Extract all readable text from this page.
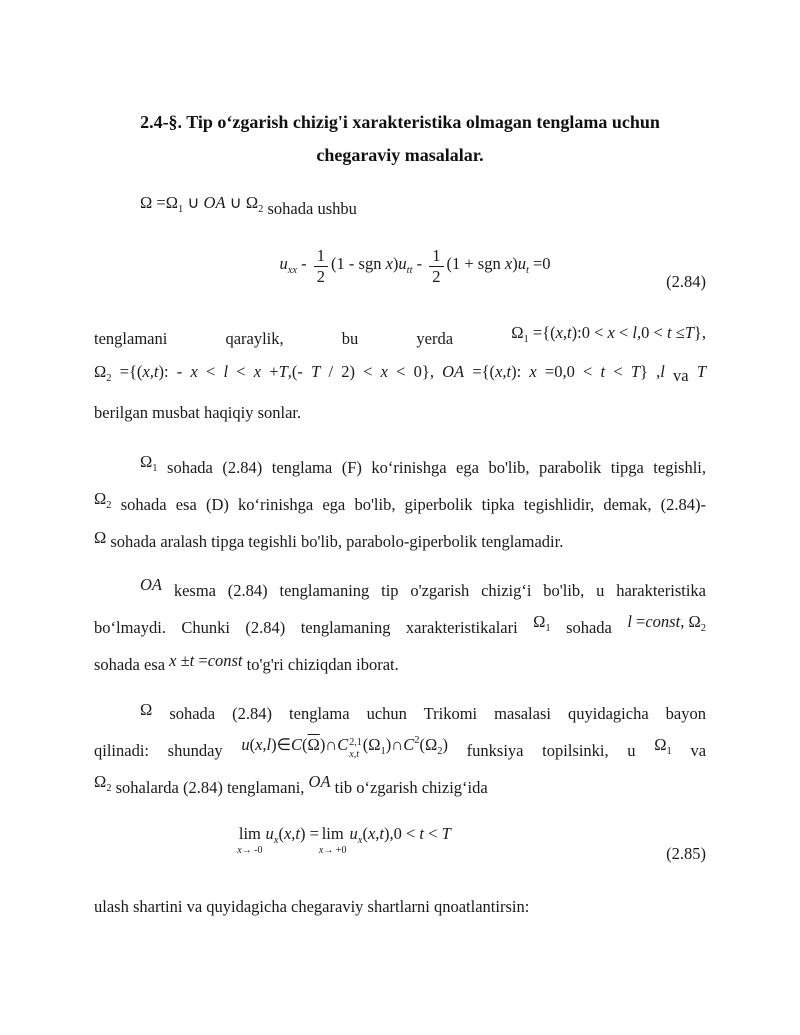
2.4-§. Tip o‘zgarish chizig'i xarakteristika olmagan tenglama uchun
chegaraviy masalalar.

$\Omega =\Omega_1$ ∪ OA ∪ $\Omega_2$ sohada ushbu

$u_{xx} - \frac{1}{2} (1$ - sgn $x)u_{tt} - \frac{1}{2} (1$ + sgn $x)u_t =0$
(2.84)
tenglamani	qaraylik,	bu	yerda	$\Omega_1$ ={(x,t):0 < x < l,0 < t ≤T},
$\Omega_2 =\{(x,t)$: - x < l < x +T,(- T / 2) < x < 0}, OA ={(x,t): x =0,0 < t < T} ,l va T
berilgan musbat haqiqiy sonlar.
$\Omega_1$ sohada (2.84) tenglama (F) ko‘rinishga ega bo'lib, parabolik tipga tegishli,
$\Omega_2$ sohada esa (D) ko‘rinishga ega bo'lib, giperbolik tipka tegishlidir, demak, (2.84)-
Ω sohada aralash tipga tegishli bo'lib, parabolo-giperbolik tenglamadir.
OA kesma (2.84) tenglamaning tip o'zgarish chizig‘i bo'lib, u harakteristika
bo‘lmaydi. Chunki (2.84) tenglamaning xarakteristikalari $\Omega_1$ sohada l =const, $\Omega_2$
sohada esa x ±t =const to'g'ri chiziqdan iborat.
Ω sohada (2.84) tenglama uchun Trikomi masalasi quyidagicha bayon
qilinadi: shunday $u(x,l)\in C(\overline{\Omega})\cap C$ 2,1
x,t
$(\Omega_1)\cap C^2(\Omega_2)$ funksiya topilsinki, u $\Omega_1$ va
$\Omega_2$ sohalarda (2.84) tenglamani, OA tib o‘zgarish chizig‘ida
lim
x→ -0
$u_x(x,t) = \lim$
x→ +0
$u_x(x,t),0 < t < T$
(2.85)

ulash shartini va quyidagicha chegaraviy shartlarni qnoatlantirsin:
